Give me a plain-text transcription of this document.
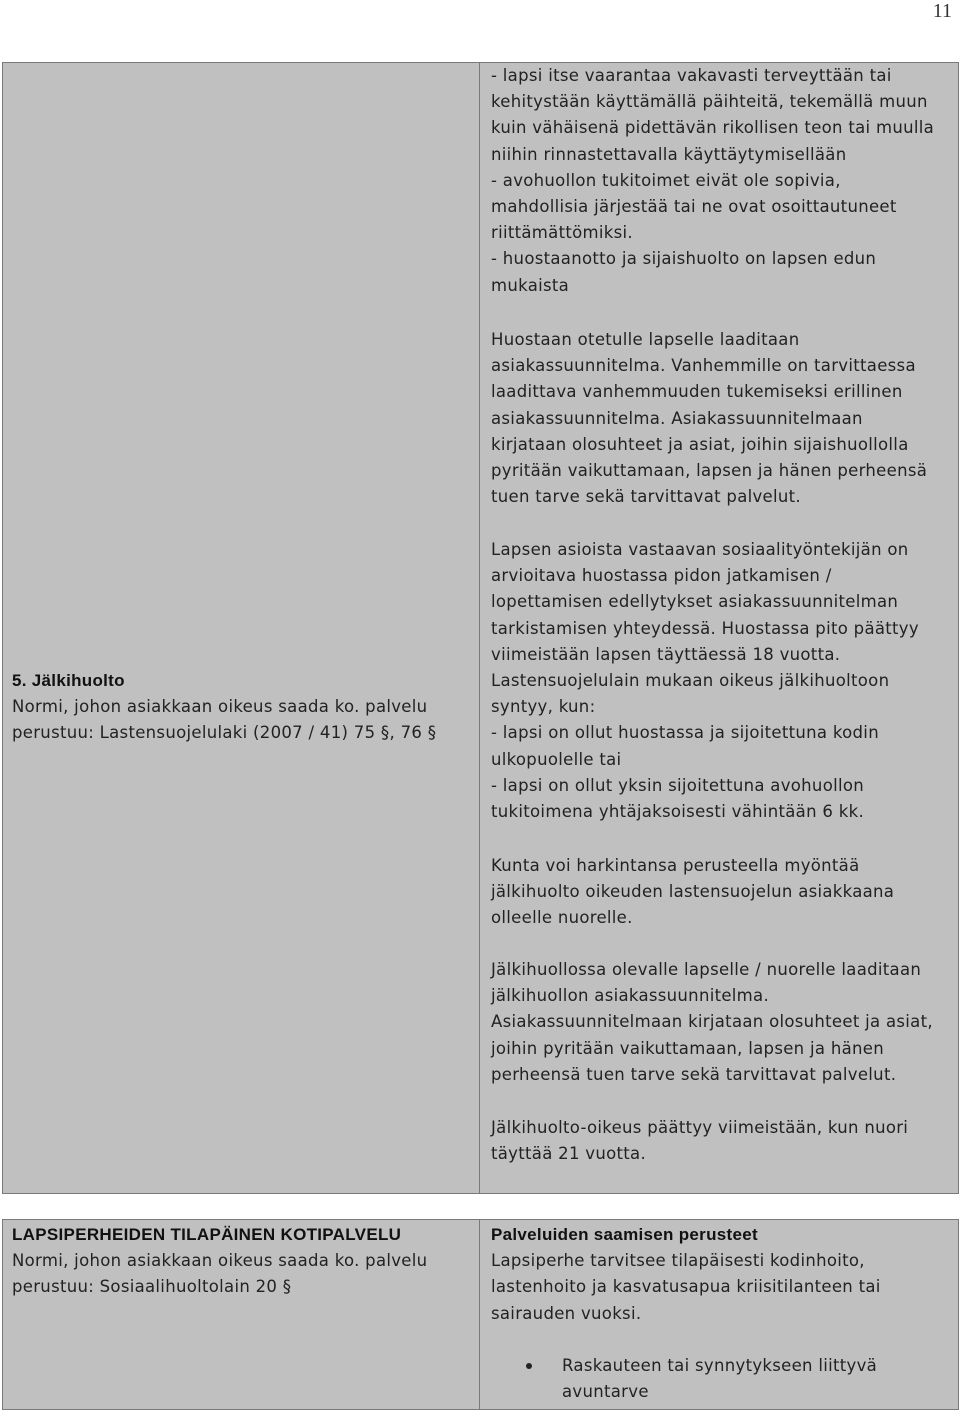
11
5. Jälkihuolto
Normi, johon asiakkaan oikeus saada ko. palvelu
perustuu: Lastensuojelulaki (2007 / 41) 75 §, 76 §
- lapsi itse vaarantaa vakavasti terveyttään tai
kehitystään käyttämällä päihteitä, tekemällä muun
kuin vähäisenä pidettävän rikollisen teon tai muulla
niihin rinnastettavalla käyttäytymisellään
- avohuollon tukitoimet eivät ole sopivia,
mahdollisia järjestää tai ne ovat osoittautuneet
riittämättömiksi.
- huostaanotto ja sijaishuolto on lapsen edun
mukaista
Huostaan otetulle lapselle laaditaan
asiakassuunnitelma. Vanhemmille on tarvittaessa
laadittava vanhemmuuden tukemiseksi erillinen
asiakassuunnitelma. Asiakassuunnitelmaan
kirjataan olosuhteet ja asiat, joihin sijaishuollolla
pyritään vaikuttamaan, lapsen ja hänen perheensä
tuen tarve sekä tarvittavat palvelut.
Lapsen asioista vastaavan sosiaalityöntekijän on
arvioitava huostassa pidon jatkamisen /
lopettamisen edellytykset asiakassuunnitelman
tarkistamisen yhteydessä. Huostassa pito päättyy
viimeistään lapsen täyttäessä 18 vuotta.
Lastensuojelulain mukaan oikeus jälkihuoltoon
syntyy, kun:
- lapsi on ollut huostassa ja sijoitettuna kodin
ulkopuolelle tai
- lapsi on ollut yksin sijoitettuna avohuollon
tukitoimena yhtäjaksoisesti vähintään 6 kk.
Kunta voi harkintansa perusteella myöntää
jälkihuolto oikeuden lastensuojelun asiakkaana
olleelle nuorelle.
Jälkihuollossa olevalle lapselle / nuorelle laaditaan
jälkihuollon asiakassuunnitelma.
Asiakassuunnitelmaan kirjataan olosuhteet ja asiat,
joihin pyritään vaikuttamaan, lapsen ja hänen
perheensä tuen tarve sekä tarvittavat palvelut.
Jälkihuolto-oikeus päättyy viimeistään, kun nuori
täyttää 21 vuotta.
LAPSIPERHEIDEN TILAPÄINEN KOTIPALVELU
Normi, johon asiakkaan oikeus saada ko. palvelu
perustuu: Sosiaalihuoltolain 20 §
Palveluiden saamisen perusteet
Lapsiperhe tarvitsee tilapäisesti kodinhoito,
lastenhoito ja kasvatusapua kriisitilanteen tai
sairauden vuoksi.
Raskauteen tai synnytykseen liittyvä
avuntarve
